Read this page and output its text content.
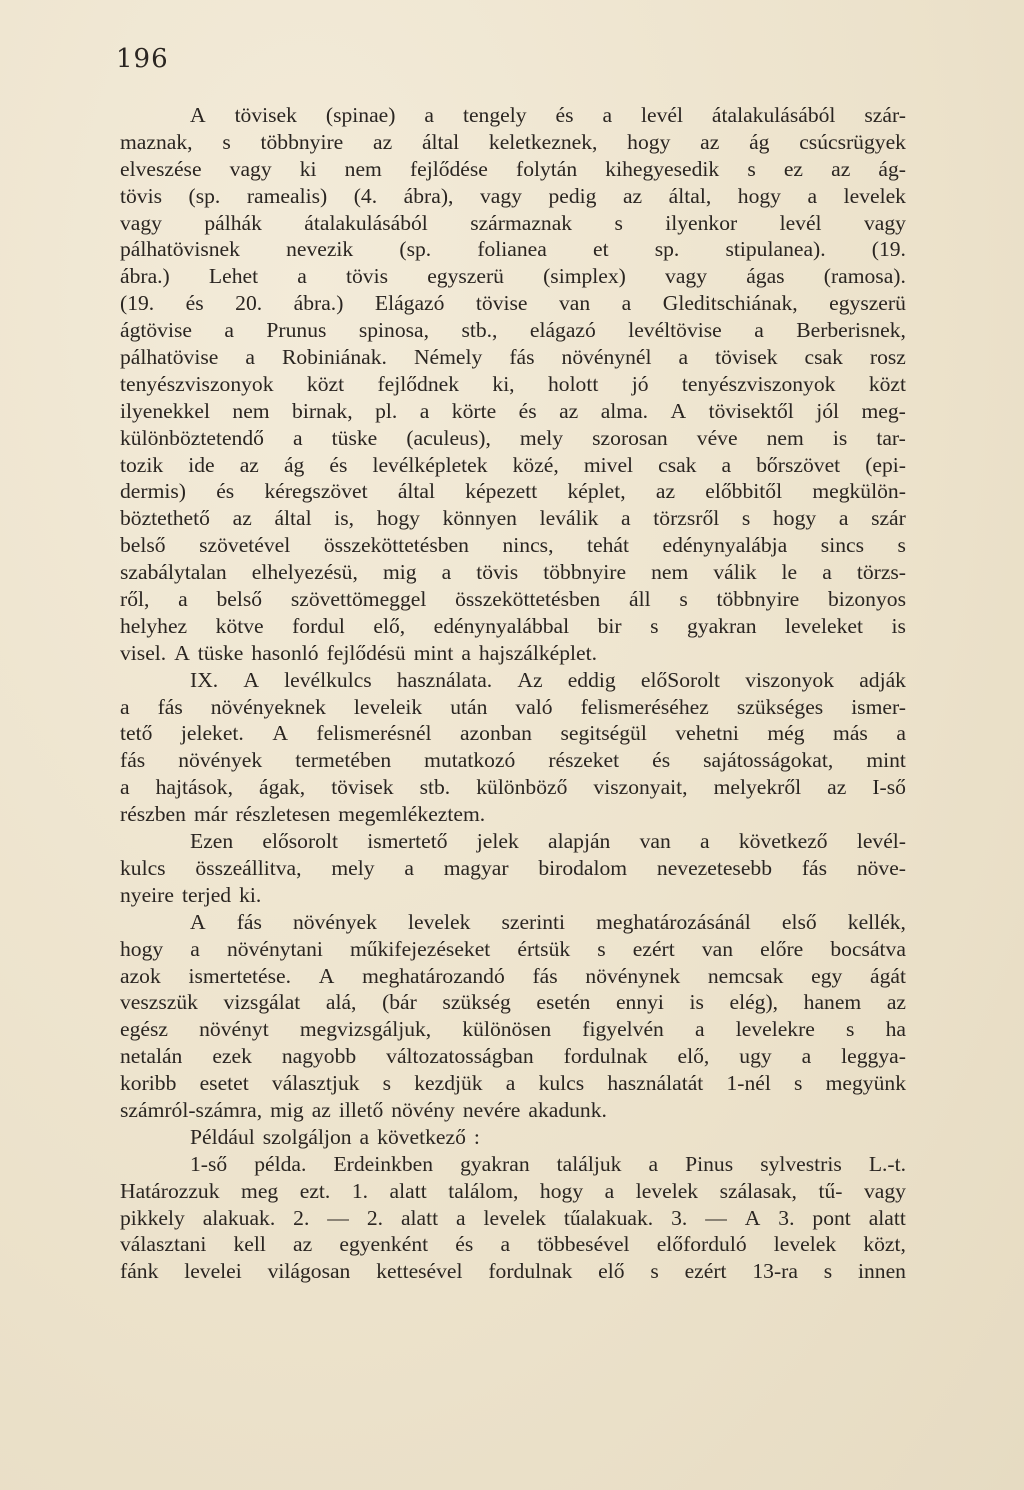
196
A tövisek (spinae) a tengely és a levél átalakulásából szár-
maznak, s többnyire az által keletkeznek, hogy az ág csúcsrügyek
elveszése vagy ki nem fejlődése folytán kihegyesedik s ez az ág-
tövis (sp. ramealis) (4. ábra), vagy pedig az által, hogy a levelek
vagy pálhák átalakulásából származnak s ilyenkor levél vagy
pálhatövisnek nevezik (sp. folianea et sp. stipulanea). (19.
ábra.) Lehet a tövis egyszerü (simplex) vagy ágas (ramosa).
(19. és 20. ábra.) Elágazó tövise van a Gleditschiának, egyszerü
ágtövise a Prunus spinosa, stb., elágazó levéltövise a Berberisnek,
pálhatövise a Robiniának. Némely fás növénynél a tövisek csak rosz
tenyészviszonyok közt fejlődnek ki, holott jó tenyészviszonyok közt
ilyenekkel nem birnak, pl. a körte és az alma. A tövisektől jól meg-
különböztetendő a tüske (aculeus), mely szorosan véve nem is tar-
tozik ide az ág és levélképletek közé, mivel csak a bőrszövet (epi-
dermis) és kéregszövet által képezett képlet, az előbbitől megkülön-
böztethető az által is, hogy könnyen leválik a törzsről s hogy a szár
belső szövetével összeköttetésben nincs, tehát edénynyalábja sincs s
szabálytalan elhelyezésü, mig a tövis többnyire nem válik le a törzs-
ről, a belső szövettömeggel összeköttetésben áll s többnyire bizonyos
helyhez kötve fordul elő, edénynyalábbal bir s gyakran leveleket is
visel. A tüske hasonló fejlődésü mint a hajszálképlet.
IX. A levélkulcs használata. Az eddig előSorolt viszonyok adják
a fás növényeknek leveleik után való felismeréséhez szükséges ismer-
tető jeleket. A felismerésnél azonban segitségül vehetni még más a
fás növények termetében mutatkozó részeket és sajátosságokat, mint
a hajtások, ágak, tövisek stb. különböző viszonyait, melyekről az I-ső
részben már részletesen megemlékeztem.
Ezen elősorolt ismertető jelek alapján van a következő levél-
kulcs összeállitva, mely a magyar birodalom nevezetesebb fás növe-
nyeire terjed ki.
A fás növények levelek szerinti meghatározásánál első kellék,
hogy a növénytani műkifejezéseket értsük s ezért van előre bocsátva
azok ismertetése. A meghatározandó fás növénynek nemcsak egy ágát
veszszük vizsgálat alá, (bár szükség esetén ennyi is elég), hanem az
egész növényt megvizsgáljuk, különösen figyelvén a levelekre s ha
netalán ezek nagyobb változatosságban fordulnak elő, ugy a leggya-
koribb esetet választjuk s kezdjük a kulcs használatát 1-nél s megyünk
számról-számra, mig az illető növény nevére akadunk.
Például szolgáljon a következő :
1-ső példa. Erdeinkben gyakran találjuk a Pinus sylvestris L.-t.
Határozzuk meg ezt. 1. alatt találom, hogy a levelek szálasak, tű- vagy
pikkely alakuak. 2. — 2. alatt a levelek tűalakuak. 3. — A 3. pont alatt
választani kell az egyenként és a többesével előforduló levelek közt,
fánk levelei világosan kettesével fordulnak elő s ezért 13-ra s innen
